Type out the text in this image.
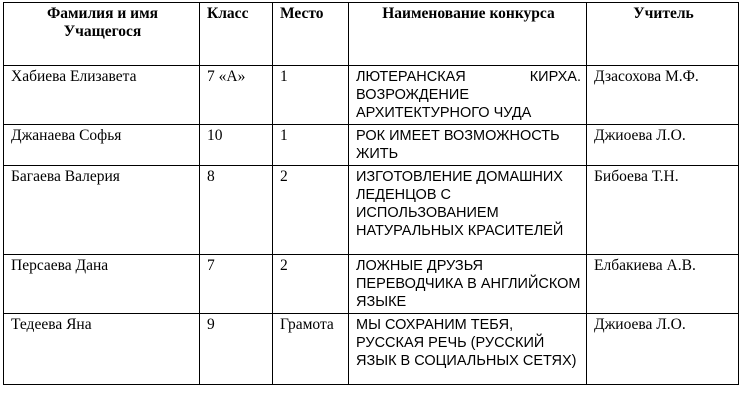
Фамилия и имя Учащегося	Класс	Место	Наименование конкурса	Учитель
Хабиева Елизавета	7 «А»	1	ЛЮТЕРАНСКАЯ КИРХА. ВОЗРОЖДЕНИЕ АРХИТЕКТУРНОГО ЧУДА	Дзасохова М.Ф.
Джанаева Софья	10	1	РОК ИМЕЕТ ВОЗМОЖНОСТЬ ЖИТЬ	Джиоева Л.О.
Багаева Валерия	8	2	ИЗГОТОВЛЕНИЕ ДОМАШНИХ ЛЕДЕНЦОВ С ИСПОЛЬЗОВАНИЕМ НАТУРАЛЬНЫХ КРАСИТЕЛЕЙ	Бибоева Т.Н.
Персаева Дана	7	2	ЛОЖНЫЕ ДРУЗЬЯ ПЕРЕВОДЧИКА В АНГЛИЙСКОМ ЯЗЫКЕ	Елбакиева А.В.
Тедеева Яна	9	Грамота	МЫ СОХРАНИМ ТЕБЯ, РУССКАЯ РЕЧЬ (РУССКИЙ ЯЗЫК В СОЦИАЛЬНЫХ СЕТЯХ)	Джиоева Л.О.
